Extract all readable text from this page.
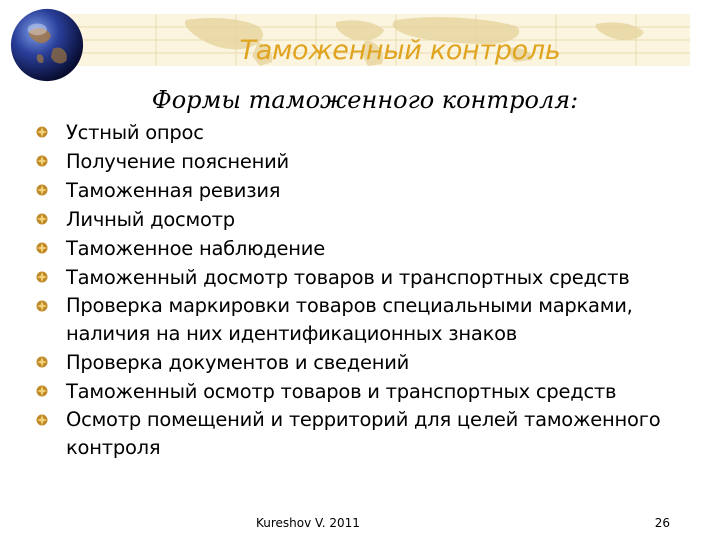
Таможенный контроль
Формы таможенного контроля:
Устный опрос
Получение пояснений
Таможенная ревизия
Личный досмотр
Таможенное наблюдение
Таможенный досмотр товаров и транспортных средств
Проверка маркировки товаров специальными марками, наличия на них идентификационных знаков
Проверка документов и сведений
Таможенный осмотр товаров и транспортных средств
Осмотр помещений и территорий для целей таможенного контроля
Kureshov V. 2011	26
